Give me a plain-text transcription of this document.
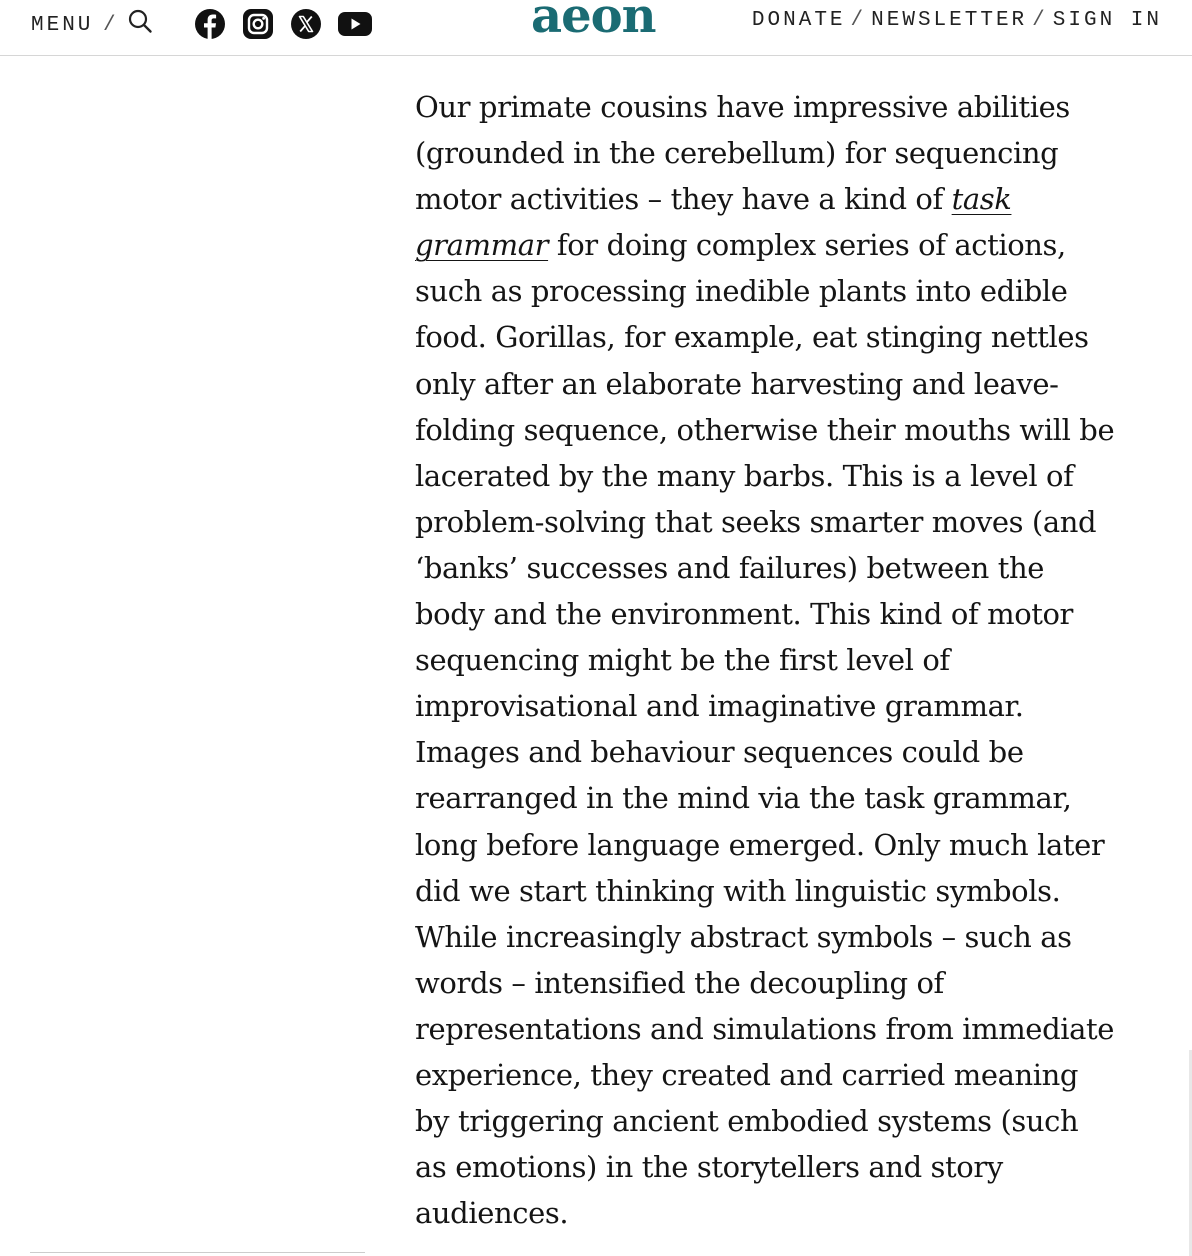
MENU /	aeon	DONATE / NEWSLETTER / SIGN IN

Our primate cousins have impressive abilities (grounded in the cerebellum) for sequencing motor activities – they have a kind of task grammar for doing complex series of actions, such as processing inedible plants into edible food. Gorillas, for example, eat stinging nettles only after an elaborate harvesting and leave-folding sequence, otherwise their mouths will be lacerated by the many barbs. This is a level of problem-solving that seeks smarter moves (and ‘banks’ successes and failures) between the body and the environment. This kind of motor sequencing might be the first level of improvisational and imaginative grammar. Images and behaviour sequences could be rearranged in the mind via the task grammar, long before language emerged. Only much later did we start thinking with linguistic symbols. While increasingly abstract symbols – such as words – intensified the decoupling of representations and simulations from immediate experience, they created and carried meaning by triggering ancient embodied systems (such as emotions) in the storytellers and story audiences.
